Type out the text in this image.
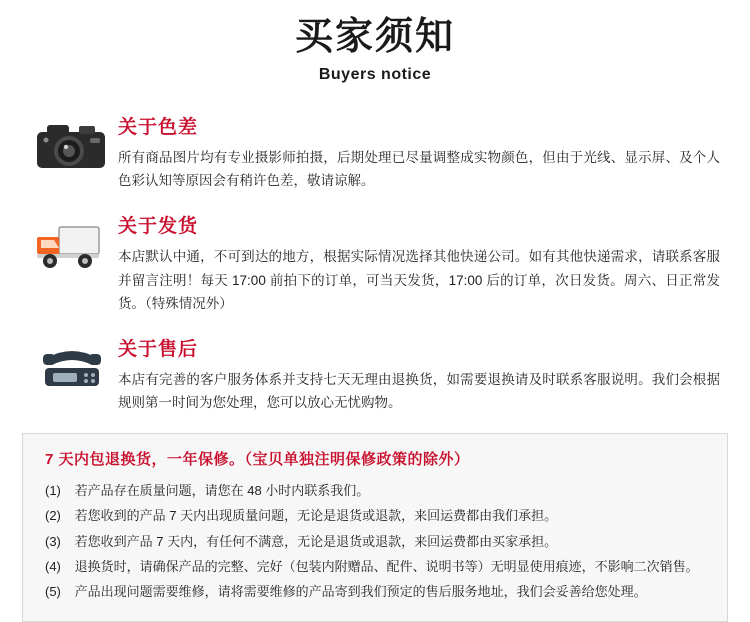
买家须知
Buyers notice
关于色差
所有商品图片均有专业摄影师拍摄，后期处理已尽量调整成实物颜色，但由于光线、显示屏、及个人色彩认知等原因会有稍许色差，敬请谅解。
关于发货
本店默认中通，不可到达的地方，根据实际情况选择其他快递公司。如有其他快递需求，请联系客服并留言注明！每天 17:00 前拍下的订单，可当天发货，17:00 后的订单，次日发货。周六、日正常发货。（特殊情况外）
关于售后
本店有完善的客户服务体系并支持七天无理由退换货，如需要退换请及时联系客服说明。我们会根据规则第一时间为您处理，您可以放心无忧购物。
7 天内包退换货，一年保修。（宝贝单独注明保修政策的除外）
(1) 若产品存在质量问题，请您在 48 小时内联系我们。
(2) 若您收到的产品 7 天内出现质量问题，无论是退货或退款，来回运费都由我们承担。
(3) 若您收到产品 7 天内，有任何不满意，无论是退货或退款，来回运费都由买家承担。
(4) 退换货时，请确保产品的完整、完好（包装内附赠品、配件、说明书等）无明显使用痕迹，不影响二次销售。
(5) 产品出现问题需要维修，请将需要维修的产品寄到我们预定的售后服务地址，我们会妥善给您处理。
